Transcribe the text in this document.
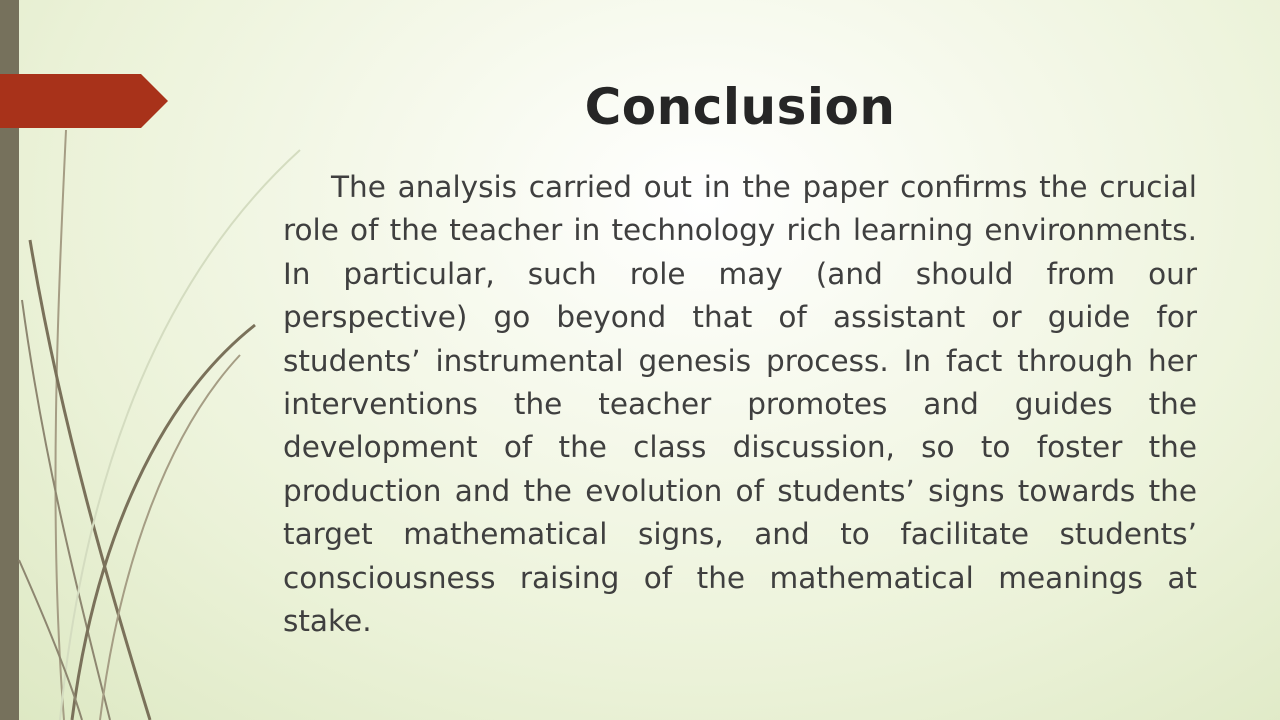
Conclusion

The analysis carried out in the paper confirms the crucial role of the teacher in technology rich learning environments. In particular, such role may (and should from our perspective) go beyond that of assistant or guide for students’ instrumental genesis process. In fact through her interventions the teacher promotes and guides the development of the class discussion, so to foster the production and the evolution of students’ signs towards the target mathematical signs, and to facilitate students’ consciousness raising of the mathematical meanings at stake.
